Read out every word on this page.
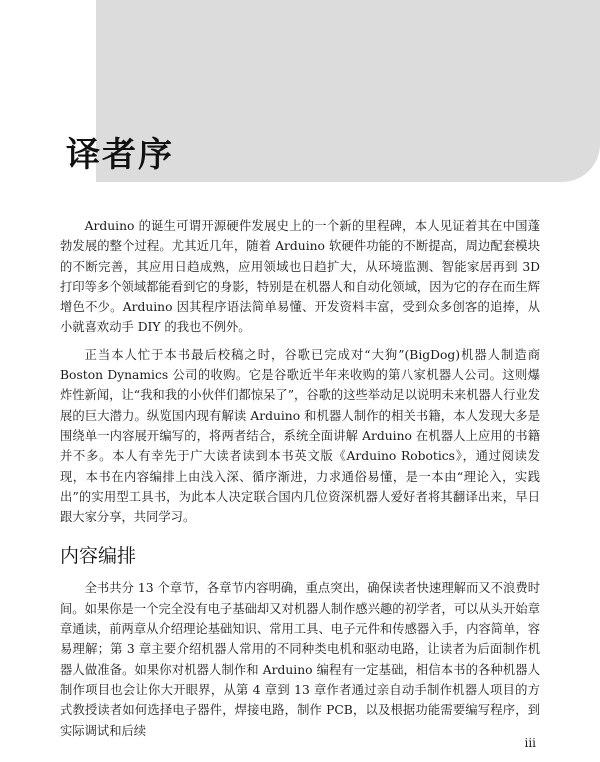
译者序

Arduino 的诞生可谓开源硬件发展史上的一个新的里程碑，本人见证着其在中国蓬勃发展的整个过程。尤其近几年，随着 Arduino 软硬件功能的不断提高，周边配套模块的不断完善，其应用日趋成熟，应用领域也日趋扩大，从环境监测、智能家居再到 3D 打印等多个领域都能看到它的身影，特别是在机器人和自动化领域，因为它的存在而生辉增色不少。Arduino 因其程序语法简单易懂、开发资料丰富，受到众多创客的追捧，从小就喜欢动手 DIY 的我也不例外。

正当本人忙于本书最后校稿之时，谷歌已完成对“大狗”(BigDog)机器人制造商 Boston Dynamics 公司的收购。它是谷歌近半年来收购的第八家机器人公司。这则爆炸性新闻，让“我和我的小伙伴们都惊呆了”，谷歌的这些举动足以说明未来机器人行业发展的巨大潜力。纵览国内现有解读 Arduino 和机器人制作的相关书籍，本人发现大多是围绕单一内容展开编写的，将两者结合，系统全面讲解 Arduino 在机器人上应用的书籍并不多。本人有幸先于广大读者读到本书英文版《Arduino Robotics》，通过阅读发现，本书在内容编排上由浅入深、循序渐进，力求通俗易懂，是一本由“理论入，实践出”的实用型工具书，为此本人决定联合国内几位资深机器人爱好者将其翻译出来，早日跟大家分享，共同学习。

内容编排

全书共分 13 个章节，各章节内容明确，重点突出，确保读者快速理解而又不浪费时间。如果你是一个完全没有电子基础却又对机器人制作感兴趣的初学者，可以从头开始章章通读，前两章从介绍理论基础知识、常用工具、电子元件和传感器入手，内容简单，容易理解；第 3 章主要介绍机器人常用的不同种类电机和驱动电路，让读者为后面制作机器人做准备。如果你对机器人制作和 Arduino 编程有一定基础，相信本书的各种机器人制作项目也会让你大开眼界，从第 4 章到 13 章作者通过亲自动手制作机器人项目的方式教授读者如何选择电子器件，焊接电路，制作 PCB，以及根据功能需要编写程序，到实际调试和后续

iii
